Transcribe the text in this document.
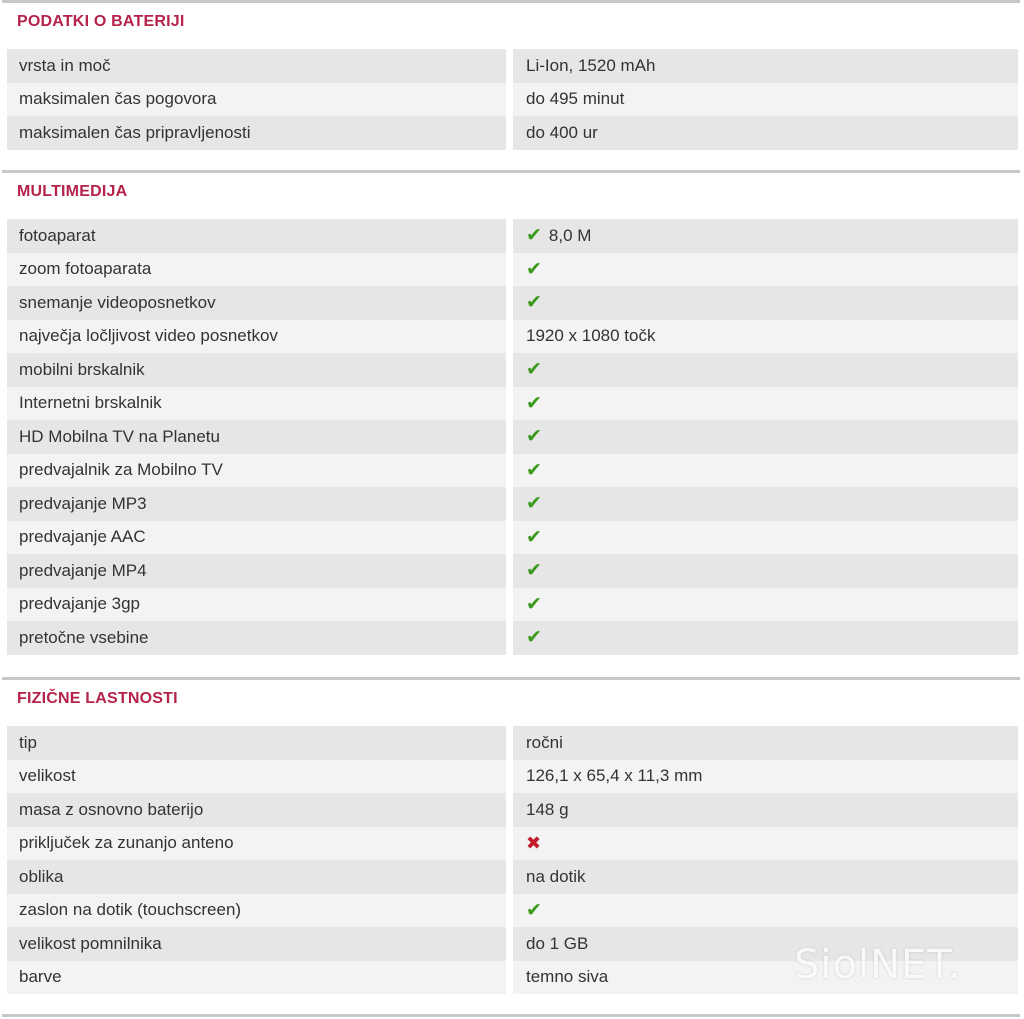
PODATKI O BATERIJI
vrsta in moč	Li-Ion, 1520 mAh
maksimalen čas pogovora	do 495 minut
maksimalen čas pripravljenosti	do 400 ur
MULTIMEDIJA
fotoaparat	✔ 8,0 M
zoom fotoaparata	✔
snemanje videoposnetkov	✔
največja ločljivost video posnetkov	1920 x 1080 točk
mobilni brskalnik	✔
Internetni brskalnik	✔
HD Mobilna TV na Planetu	✔
predvajalnik za Mobilno TV	✔
predvajanje MP3	✔
predvajanje AAC	✔
predvajanje MP4	✔
predvajanje 3gp	✔
pretočne vsebine	✔
FIZIČNE LASTNOSTI
tip	ročni
velikost	126,1 x 65,4 x 11,3 mm
masa z osnovno baterijo	148 g
priključek za zunanjo anteno	✖
oblika	na dotik
zaslon na dotik (touchscreen)	✔
velikost pomnilnika	do 1 GB
barve	temno siva	SiolNET.
